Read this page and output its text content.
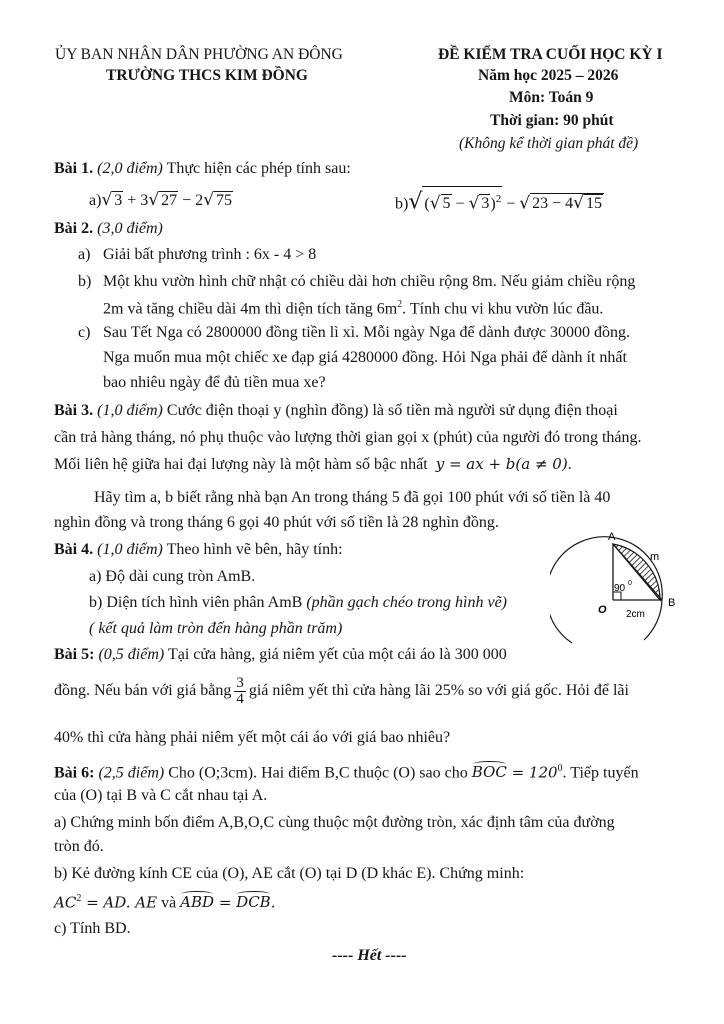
ỦY BAN NHÂN DÂN PHƯỜNG AN ĐÔNG
TRƯỜNG THCS KIM ĐỒNG
ĐỀ KIỂM TRA CUỐI HỌC KỲ I
Năm học 2025 – 2026
Môn: Toán 9
Thời gian: 90 phút
(Không kể thời gian phát đề)
Bài 1. (2,0 điểm) Thực hiện các phép tính sau:
a)√ 3 + 3√ 27 − 2√ 75	b)√ (√ 5 − √ 3)$^2$ − √ 23 − 4√ 15
Bài 2. (3,0 điểm)
a) Giải bất phương trình : 6x - 4 > 8
b) Một khu vườn hình chữ nhật có chiều dài hơn chiều rộng 8m. Nếu giảm chiều rộng
2m và tăng chiều dài 4m thì diện tích tăng $6m^2$. Tính chu vi khu vườn lúc đầu.
c) Sau Tết Nga có 2800000 đồng tiền lì xì. Mỗi ngày Nga để dành được 30000 đồng.
Nga muốn mua một chiếc xe đạp giá 4280000 đồng. Hỏi Nga phải để dành ít nhất
bao nhiêu ngày để đủ tiền mua xe?
Bài 3. (1,0 điểm) Cước điện thoại y (nghìn đồng) là số tiền mà người sử dụng điện thoại
cần trả hàng tháng, nó phụ thuộc vào lượng thời gian gọi x (phút) của người đó trong tháng.
Mối liên hệ giữa hai đại lượng này là một hàm số bậc nhất y = ax + b(a ≠ 0).
Hãy tìm a, b biết rằng nhà bạn An trong tháng 5 đã gọi 100 phút với số tiền là 40
nghìn đồng và trong tháng 6 gọi 40 phút với số tiền là 28 nghìn đồng.
Bài 4. (1,0 điểm) Theo hình vẽ bên, hãy tính:
a) Độ dài cung tròn AmB.
b) Diện tích hình viên phân AmB (phần gạch chéo trong hình vẽ)
( kết quả làm tròn đến hàng phần trăm)
A
m
90 0
O 2cm
B
Bài 5: (0,5 điểm) Tại cửa hàng, giá niêm yết của một cái áo là 300 000
đồng. Nếu bán với giá bằng $\frac{3}{4}$ giá niêm yết thì cửa hàng lãi 25% so với giá gốc. Hỏi để lãi
40% thì cửa hàng phải niêm yết một cái áo với giá bao nhiêu?
Bài 6: (2,5 điểm) Cho (O;3cm). Hai điểm B,C thuộc (O) sao cho BOC = $120^0$. Tiếp tuyến
của (O) tại B và C cắt nhau tại A.
a) Chứng minh bốn điểm A,B,O,C cùng thuộc một đường tròn, xác định tâm của đường
tròn đó.
b) Kẻ đường kính CE của (O), AE cắt (O) tại D (D khác E). Chứng minh:
$AC^2$ = AD. AE và ABD = DCB.
c) Tính BD.
---- Hết ----
